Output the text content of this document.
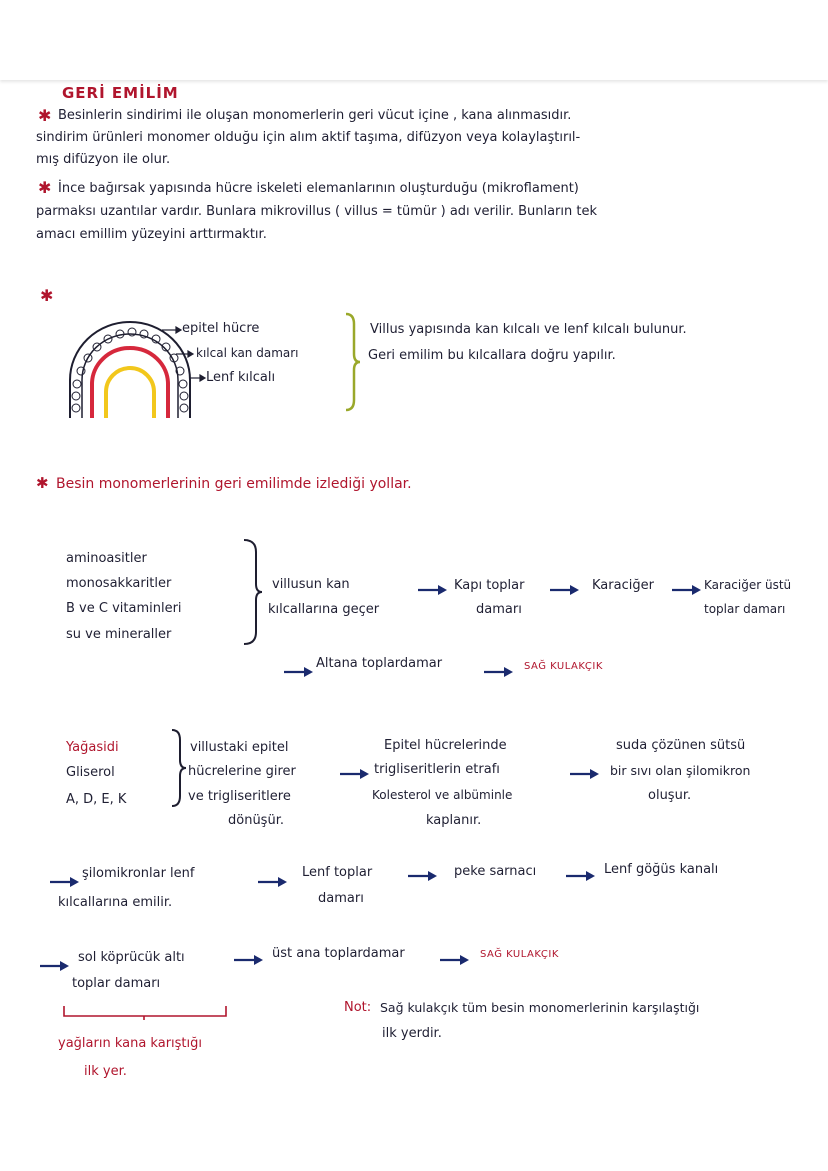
GERİ EMİLİM
✱ Besinlerin sindirimi ile oluşan monomerlerin geri vücut içine , kana alınmasıdır.
sindirim ürünleri monomer olduğu için alım aktif taşıma, difüzyon veya kolaylaştırıl-
mış difüzyon ile olur.
✱ İnce bağırsak yapısında hücre iskeleti elemanlarının oluşturduğu (mikroflament)
parmaksı uzantılar vardır. Bunlara mikrovillus ( villus = tümür ) adı verilir. Bunların tek
amacı emillim yüzeyini arttırmaktır.
✱
epitel hücre
kılcal kan damarı
Lenf kılcalı
Villus yapısında kan kılcalı ve lenf kılcalı bulunur.
Geri emilim bu kılcallara doğru yapılır.
✱ Besin monomerlerinin geri emilimde izlediği yollar.
aminoasitler
monosakkaritler
B ve C vitaminleri
su ve mineraller
villusun kan
kılcallarına geçer
Kapı toplar
damarı
Karaciğer	Karaciğer üstü
toplar damarı
Altana toplardamar	SAĞ KULAKÇIK
Yağasidi
Gliserol
A, D, E, K
villustaki epitel
hücrelerine girer
ve trigliseritlere
dönüşür.
Epitel hücrelerinde
trigliseritlerin etrafı
Kolesterol ve albüminle
kaplanır.
suda çözünen sütsü
bir sıvı olan şilomikron
oluşur.
şilomikronlar lenf
kılcallarına emilir.
Lenf toplar
damarı
peke sarnacı	Lenf göğüs kanalı
sol köprücük altı
toplar damarı
üst ana toplardamar	SAĞ KULAKÇIK
yağların kana karıştığı
ilk yer.
Not: Sağ kulakçık tüm besin monomerlerinin karşılaştığı
ilk yerdir.
